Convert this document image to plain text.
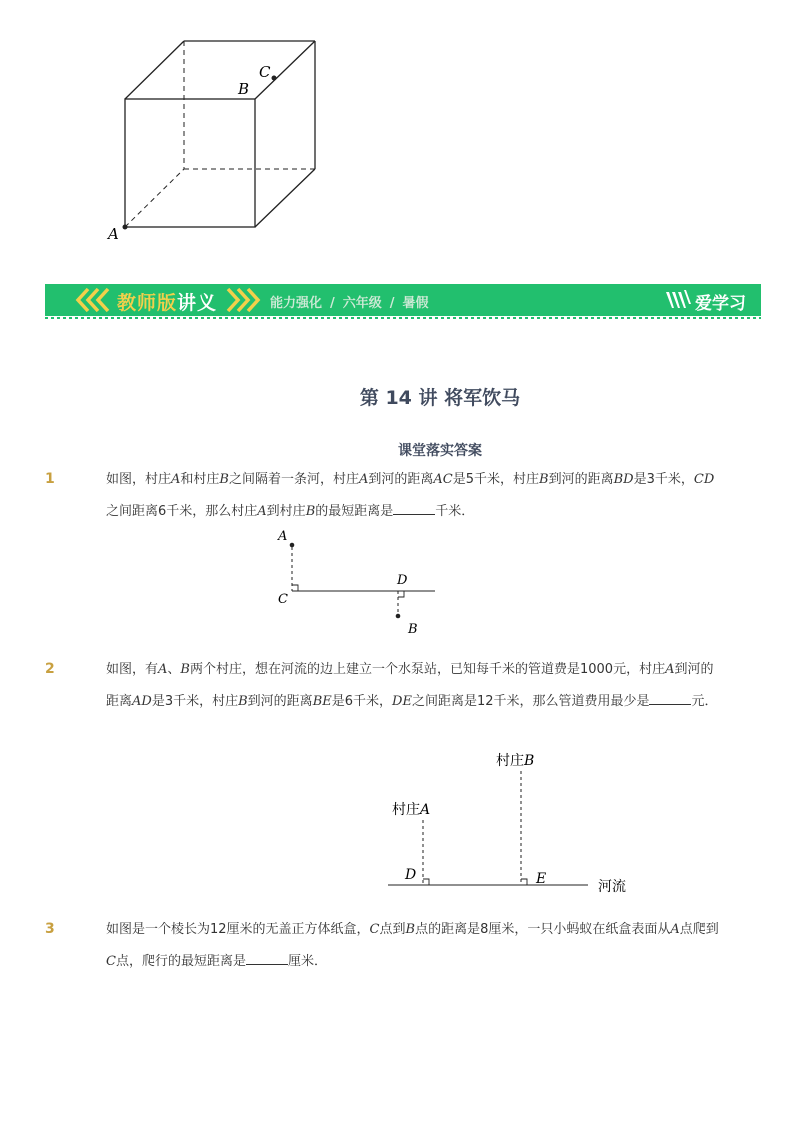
A
B
C
教师版讲义	能力强化 / 六年级 / 暑假	爱学习
第 14 讲 将军饮马
课堂落实答案
1	如图，村庄A和村庄B之间隔着一条河，村庄A到河的距离AC是5千米，村庄B到河的距离BD是3千米，CD之间距离6千米，那么村庄A到村庄B的最短距离是	千米．
A
C
D
B
2	如图，有A、B两个村庄，想在河流的边上建立一个水泵站，已知每千米的管道费是1000元，村庄A到河的距离AD是3千米，村庄B到河的距离BE是6千米，DE之间距离是12千米，那么管道费用最少是	元．
村庄B
村庄A
D	E	河流
3	如图是一个棱长为12厘米的无盖正方体纸盒，C点到B点的距离是8厘米，一只小蚂蚁在纸盒表面从A点爬到C点，爬行的最短距离是	厘米．
